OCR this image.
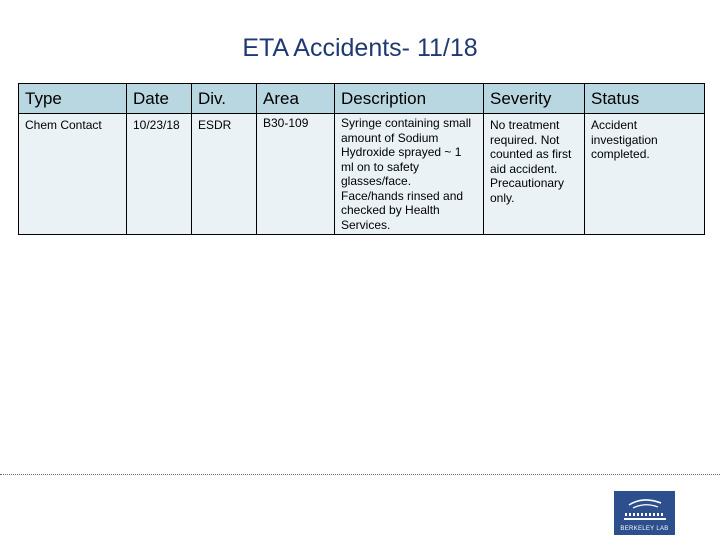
ETA Accidents- 11/18
Type	Date	Div.	Area	Description	Severity	Status
Chem Contact	10/23/18	ESDR	B30-109	Syringe containing small amount of Sodium Hydroxide sprayed ~ 1 ml on to safety glasses/face. Face/hands rinsed and checked by Health Services.	No treatment required. Not counted as first aid accident. Precautionary only.	Accident investigation completed.
BERKELEY LAB
